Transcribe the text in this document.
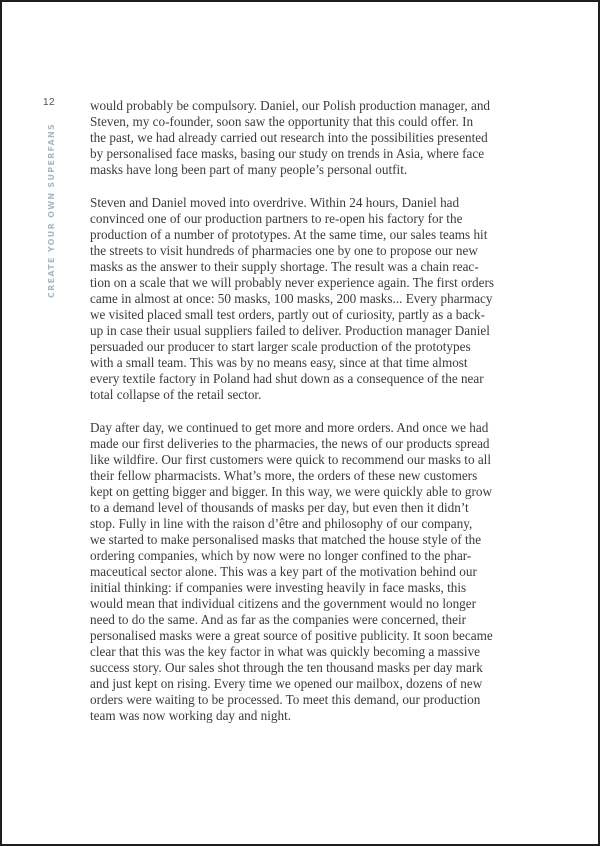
12
CREATE YOUR OWN SUPERFANS
would probably be compulsory. Daniel, our Polish production manager, and
Steven, my co-founder, soon saw the opportunity that this could offer. In
the past, we had already carried out research into the possibilities presented
by personalised face masks, basing our study on trends in Asia, where face
masks have long been part of many people’s personal outfit.
Steven and Daniel moved into overdrive. Within 24 hours, Daniel had
convinced one of our production partners to re-open his factory for the
production of a number of prototypes. At the same time, our sales teams hit
the streets to visit hundreds of pharmacies one by one to propose our new
masks as the answer to their supply shortage. The result was a chain reac-
tion on a scale that we will probably never experience again. The first orders
came in almost at once: 50 masks, 100 masks, 200 masks... Every pharmacy
we visited placed small test orders, partly out of curiosity, partly as a back-
up in case their usual suppliers failed to deliver. Production manager Daniel
persuaded our producer to start larger scale production of the prototypes
with a small team. This was by no means easy, since at that time almost
every textile factory in Poland had shut down as a consequence of the near
total collapse of the retail sector.
Day after day, we continued to get more and more orders. And once we had
made our first deliveries to the pharmacies, the news of our products spread
like wildfire. Our first customers were quick to recommend our masks to all
their fellow pharmacists. What’s more, the orders of these new customers
kept on getting bigger and bigger. In this way, we were quickly able to grow
to a demand level of thousands of masks per day, but even then it didn’t
stop. Fully in line with the raison d’être and philosophy of our company,
we started to make personalised masks that matched the house style of the
ordering companies, which by now were no longer confined to the phar-
maceutical sector alone. This was a key part of the motivation behind our
initial thinking: if companies were investing heavily in face masks, this
would mean that individual citizens and the government would no longer
need to do the same. And as far as the companies were concerned, their
personalised masks were a great source of positive publicity. It soon became
clear that this was the key factor in what was quickly becoming a massive
success story. Our sales shot through the ten thousand masks per day mark
and just kept on rising. Every time we opened our mailbox, dozens of new
orders were waiting to be processed. To meet this demand, our production
team was now working day and night.
